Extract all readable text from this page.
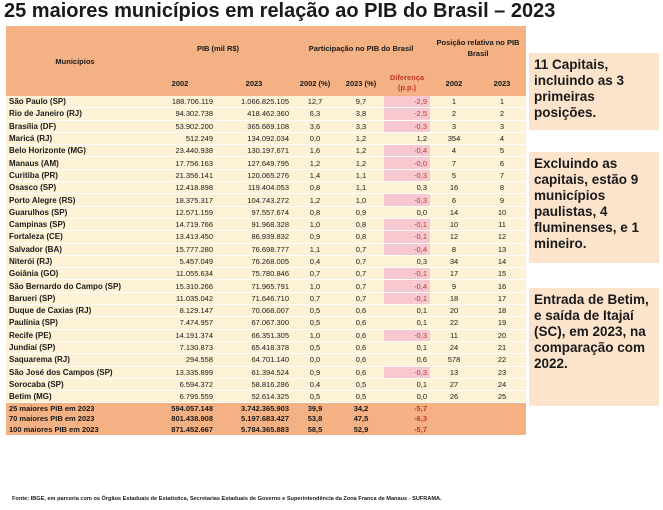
25 maiores municípios em relação ao PIB do Brasil – 2023
Municípios	PIB (mil R$)		Participação no PIB do Brasil			Posição relativa no PIB Brasil	
	2002	2023	2002 (%)	2023 (%)	Diferença (p.p.)	2002	2023
São Paulo (SP)	188.706.119	1.066.825.105	12,7	9,7	-2,9	1	1
Rio de Janeiro (RJ)	94.302.738	418.462.360	6,3	3,8	-2,5	2	2
Brasília (DF)	53.902.200	365.669.108	3,6	3,3	-0,3	3	3
Maricá (RJ)	512.249	134.092.034	0,0	1,2	1,2	354	4
Belo Horizonte (MG)	23.440.938	130.197.671	1,6	1,2	-0,4	4	5
Manaus (AM)	17.756.163	127.649.795	1,2	1,2	-0,0	7	6
Curitiba (PR)	21.356.141	120.065.276	1,4	1,1	-0,3	5	7
Osasco (SP)	12.418.898	119.404.053	0,8	1,1	0,3	16	8
Porto Alegre (RS)	18.375.317	104.743.272	1,2	1,0	-0,3	6	9
Guarulhos (SP)	12.571.159	97.557.674	0,8	0,9	0,0	14	10
Campinas (SP)	14.719.766	91.968.328	1,0	0,8	-0,1	10	11
Fortaleza (CE)	13.413.450	86.939.832	0,9	0,8	-0,1	12	12
Salvador (BA)	15.777.280	76.698.777	1,1	0,7	-0,4	8	13
Niterói (RJ)	5.457.049	76.268.005	0,4	0,7	0,3	34	14
Goiânia (GO)	11.055.634	75.780.846	0,7	0,7	-0,1	17	15
São Bernardo do Campo (SP)	15.310.266	71.965.791	1,0	0,7	-0,4	9	16
Barueri (SP)	11.035.042	71.646.710	0,7	0,7	-0,1	18	17
Duque de Caxias (RJ)	8.129.147	70.068.007	0,5	0,6	0,1	20	18
Paulínia (SP)	7.474.957	67.067.300	0,5	0,6	0,1	22	19
Recife (PE)	14.191.374	66.351.305	1,0	0,6	-0,3	11	20
Jundiaí (SP)	7.130.873	65.418.378	0,5	0,6	0,1	24	21
Saquarema (RJ)	294.558	64.701.140	0,0	0,6	0,6	578	22
São José dos Campos (SP)	13.335.899	61.394.524	0,9	0,6	-0,3	13	23
Sorocaba (SP)	6.594.372	58.816.286	0,4	0,5	0,1	27	24
Betim (MG)	6.795.559	52.614.325	0,5	0,5	0,0	26	25
25 maiores PIB em 2023	594.057.148	3.742.365.903	39,9	34,2	-5,7		
70 maiores PIB em 2023	801.438.908	5.197.683.427	53,8	47,5	-6,3		
100 maiores PIB em 2023	871.452.667	5.784.365.883	58,5	52,9	-5,7		
Fonte: IBGE, em parceria com os Órgãos Estaduais de Estatística, Secretarias Estaduais de Governo e Superintendência da Zona Franca de Manaus - SUFRAMA.
11 Capitais, incluindo as 3 primeiras posições.
Excluindo as capitais, estão 9 municípios paulistas, 4 fluminenses, e 1 mineiro.
Entrada de Betim, e saída de Itajaí (SC), em 2023, na comparação com 2022.
